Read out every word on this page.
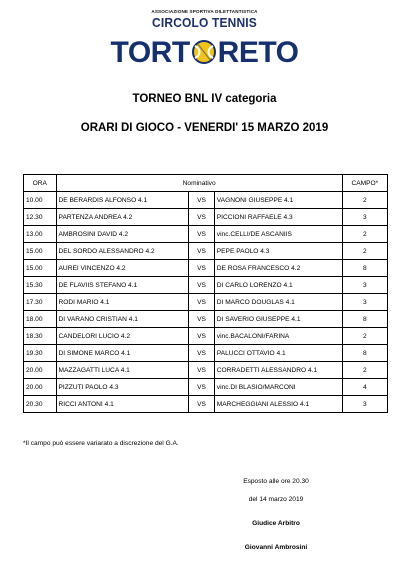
ASSOCIAZIONE SPORTIVA DILETTANTISTICA
CIRCOLO TENNIS
TORT RETO
TORNEO BNL IV categoria
ORARI DI GIOCO - VENERDI' 15 MARZO 2019
ORA	Nominativo			CAMPO*
10.00	DE BERARDIS ALFONSO 4.1	VS	VAGNONI GIUSEPPE 4.1	2
12.30	PARTENZA ANDREA 4.2	VS	PICCIONI RAFFAELE 4.3	3
13.00	AMBROSINI DAVID 4.2	VS	vinc.CELLI/DE ASCANIIS	2
15.00	DEL SORDO ALESSANDRO 4.2	VS	PEPE PAOLO 4.3	2
15.00	AUREI VINCENZO 4.2	VS	DE ROSA FRANCESCO 4.2	8
15.30	DE FLAVIIS STEFANO 4.1	VS	DI CARLO LORENZO 4.1	3
17.30	RODI MARIO 4.1	VS	DI MARCO DOUGLAS 4.1	3
18.00	DI VARANO CRISTIAN 4.1	VS	DI SAVERIO GIUSEPPE 4.1	8
18.30	CANDELORI LUCIO 4.2	VS	vinc.BACALONI/FARINA	2
19.30	DI SIMONE MARCO 4.1	VS	PALUCCI OTTAVIO 4.1	8
20.00	MAZZAGATTI LUCA 4.1	VS	CORRADETTI ALESSANDRO 4.1	2
20.00	PIZZUTI PAOLO 4.3	VS	vinc.DI BLASIO/MARCONI	4
20.30	RICCI ANTONI 4.1	VS	MARCHEGGIANI ALESSIO 4.1	3
*Il campo può essere variarato a discrezione del G.A.
Esposto alle ore 20.30
del 14 marzo 2019
Giudice Arbitro
Giovanni Ambrosini
